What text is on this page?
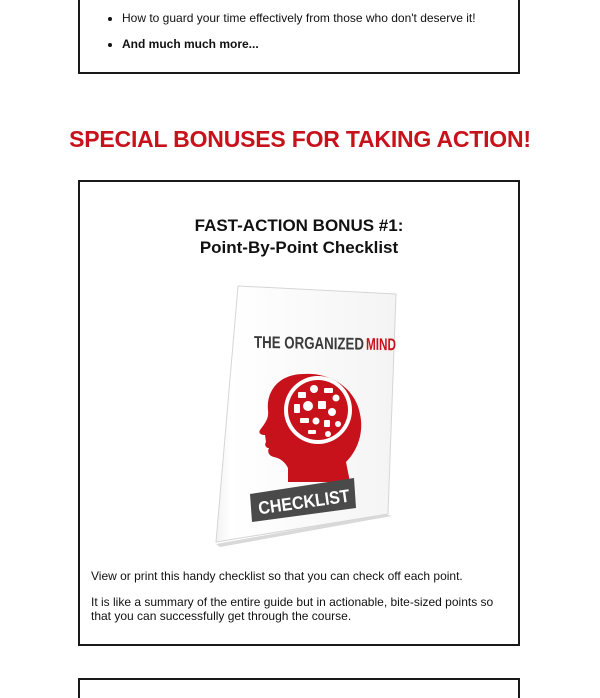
• How to guard your time effectively from those who don't deserve it!
• And much much more...
SPECIAL BONUSES FOR TAKING ACTION!
FAST-ACTION BONUS #1:
Point-By-Point Checklist
THE ORGANIZED
MIND
CHECKLIST
View or print this handy checklist so that you can check off each point.
It is like a summary of the entire guide but in actionable, bite-sized points so that you can successfully get through the course.
